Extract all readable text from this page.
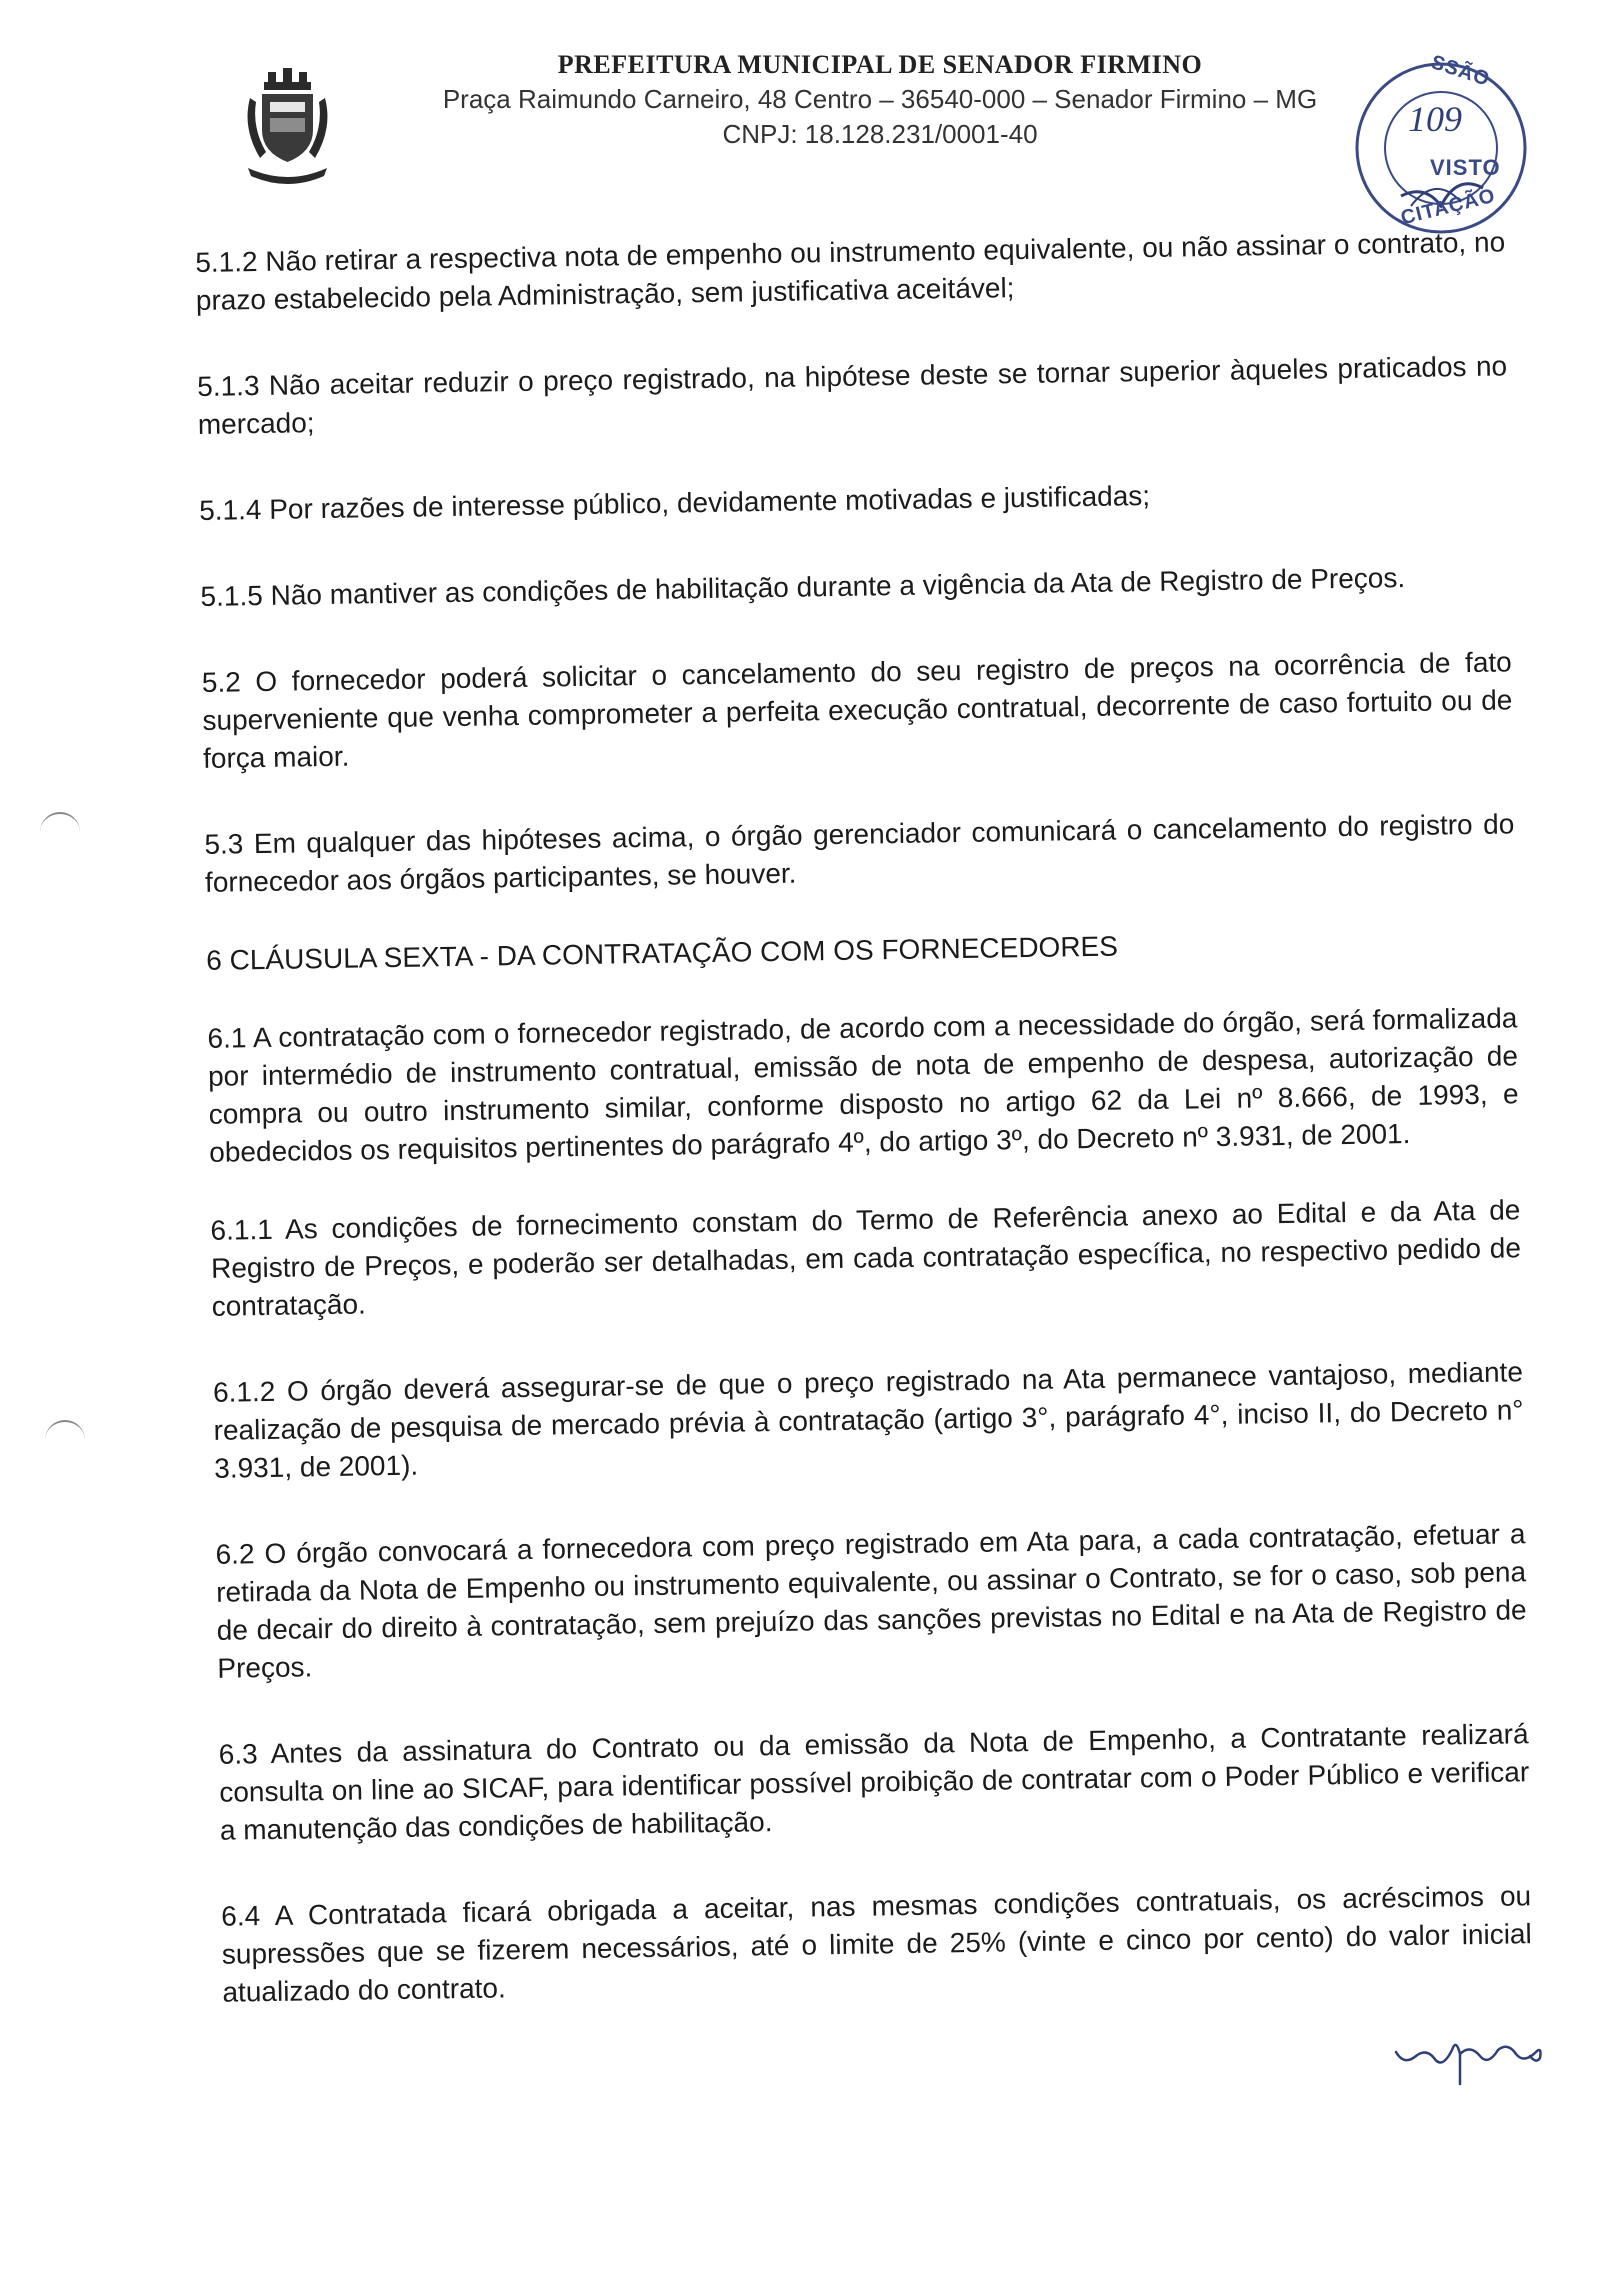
PREFEITURA MUNICIPAL DE SENADOR FIRMINO
Praça Raimundo Carneiro, 48 Centro – 36540-000 – Senador Firmino – MG
CNPJ: 18.128.231/0001-40
SSÃO
109
VISTO
CITAÇÃO

5.1.2 Não retirar a respectiva nota de empenho ou instrumento equivalente, ou não assinar o contrato, no prazo estabelecido pela Administração, sem justificativa aceitável;

5.1.3 Não aceitar reduzir o preço registrado, na hipótese deste se tornar superior àqueles praticados no mercado;

5.1.4 Por razões de interesse público, devidamente motivadas e justificadas;

5.1.5 Não mantiver as condições de habilitação durante a vigência da Ata de Registro de Preços.

5.2 O fornecedor poderá solicitar o cancelamento do seu registro de preços na ocorrência de fato superveniente que venha comprometer a perfeita execução contratual, decorrente de caso fortuito ou de força maior.

5.3 Em qualquer das hipóteses acima, o órgão gerenciador comunicará o cancelamento do registro do fornecedor aos órgãos participantes, se houver.

6 CLÁUSULA SEXTA - DA CONTRATAÇÃO COM OS FORNECEDORES

6.1 A contratação com o fornecedor registrado, de acordo com a necessidade do órgão, será formalizada por intermédio de instrumento contratual, emissão de nota de empenho de despesa, autorização de compra ou outro instrumento similar, conforme disposto no artigo 62 da Lei nº 8.666, de 1993, e obedecidos os requisitos pertinentes do parágrafo 4º, do artigo 3º, do Decreto nº 3.931, de 2001.

6.1.1 As condições de fornecimento constam do Termo de Referência anexo ao Edital e da Ata de Registro de Preços, e poderão ser detalhadas, em cada contratação específica, no respectivo pedido de contratação.

6.1.2 O órgão deverá assegurar-se de que o preço registrado na Ata permanece vantajoso, mediante realização de pesquisa de mercado prévia à contratação (artigo 3°, parágrafo 4°, inciso II, do Decreto n° 3.931, de 2001).

6.2 O órgão convocará a fornecedora com preço registrado em Ata para, a cada contratação, efetuar a retirada da Nota de Empenho ou instrumento equivalente, ou assinar o Contrato, se for o caso, sob pena de decair do direito à contratação, sem prejuízo das sanções previstas no Edital e na Ata de Registro de Preços.

6.3 Antes da assinatura do Contrato ou da emissão da Nota de Empenho, a Contratante realizará consulta on line ao SICAF, para identificar possível proibição de contratar com o Poder Público e verificar a manutenção das condições de habilitação.

6.4 A Contratada ficará obrigada a aceitar, nas mesmas condições contratuais, os acréscimos ou supressões que se fizerem necessários, até o limite de 25% (vinte e cinco por cento) do valor inicial atualizado do contrato.
